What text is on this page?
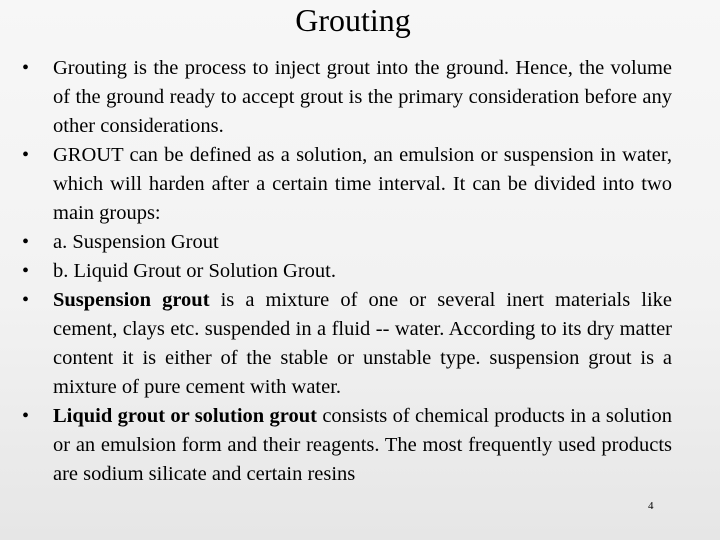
Grouting
• Grouting is the process to inject grout into the ground. Hence, the volume of the ground ready to accept grout is the primary consideration before any other considerations.
• GROUT can be defined as a solution, an emulsion or suspension in water, which will harden after a certain time interval. It can be divided into two main groups:
• a. Suspension Grout
• b. Liquid Grout or Solution Grout.
• Suspension grout is a mixture of one or several inert materials like cement, clays etc. suspended in a fluid -- water. According to its dry matter content it is either of the stable or unstable type. suspension grout is a mixture of pure cement with water.
• Liquid grout or solution grout consists of chemical products in a solution or an emulsion form and their reagents. The most frequently used products are sodium silicate and certain resins
4
